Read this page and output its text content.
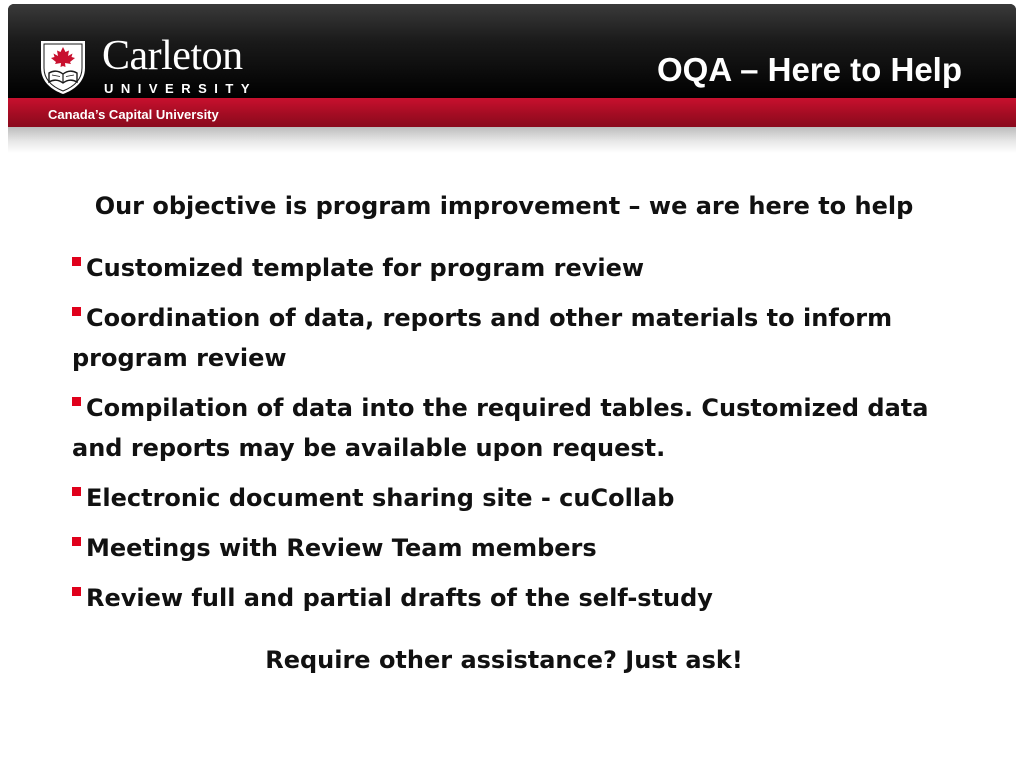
Carleton
UNIVERSITY
Canada’s Capital University
OQA – Here to Help
Our objective is program improvement – we are here to help
Customized template for program review
Coordination of data, reports and other materials to inform program review
Compilation of data into the required tables. Customized data and reports may be available upon request.
Electronic document sharing site - cuCollab
Meetings with Review Team members
Review full and partial drafts of the self-study
Require other assistance? Just ask!
